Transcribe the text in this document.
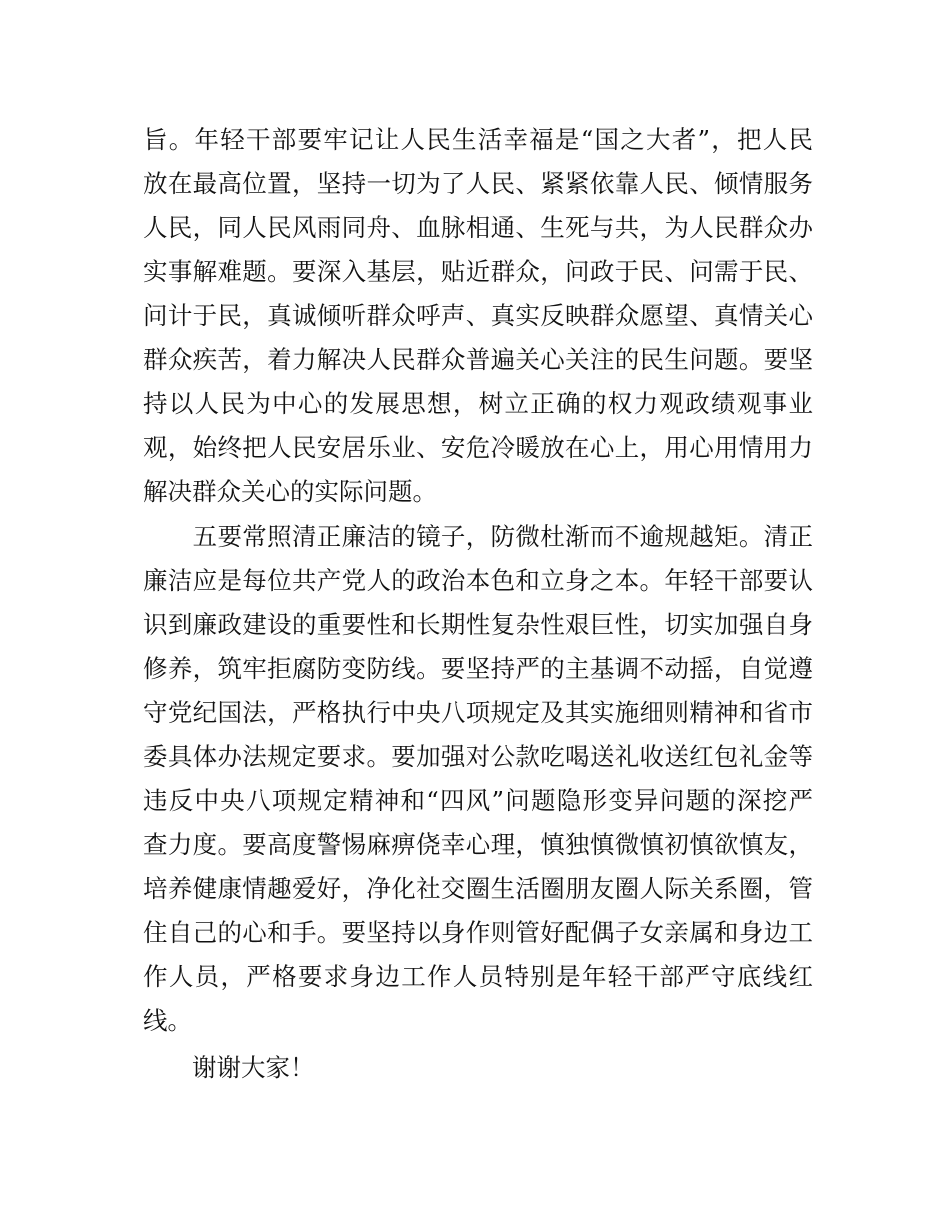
旨。年轻干部要牢记让人民生活幸福是“国之大者”，把人民
放在最高位置，坚持一切为了人民、紧紧依靠人民、倾情服务
人民，同人民风雨同舟、血脉相通、生死与共，为人民群众办
实事解难题。要深入基层，贴近群众，问政于民、问需于民、
问计于民，真诚倾听群众呼声、真实反映群众愿望、真情关心
群众疾苦，着力解决人民群众普遍关心关注的民生问题。要坚
持以人民为中心的发展思想，树立正确的权力观政绩观事业
观，始终把人民安居乐业、安危冷暖放在心上，用心用情用力
解决群众关心的实际问题。
　　五要常照清正廉洁的镜子，防微杜渐而不逾规越矩。清正
廉洁应是每位共产党人的政治本色和立身之本。年轻干部要认
识到廉政建设的重要性和长期性复杂性艰巨性，切实加强自身
修养，筑牢拒腐防变防线。要坚持严的主基调不动摇，自觉遵
守党纪国法，严格执行中央八项规定及其实施细则精神和省市
委具体办法规定要求。要加强对公款吃喝送礼收送红包礼金等
违反中央八项规定精神和“四风”问题隐形变异问题的深挖严
查力度。要高度警惕麻痹侥幸心理，慎独慎微慎初慎欲慎友，
培养健康情趣爱好，净化社交圈生活圈朋友圈人际关系圈，管
住自己的心和手。要坚持以身作则管好配偶子女亲属和身边工
作人员，严格要求身边工作人员特别是年轻干部严守底线红
线。
　　谢谢大家！
